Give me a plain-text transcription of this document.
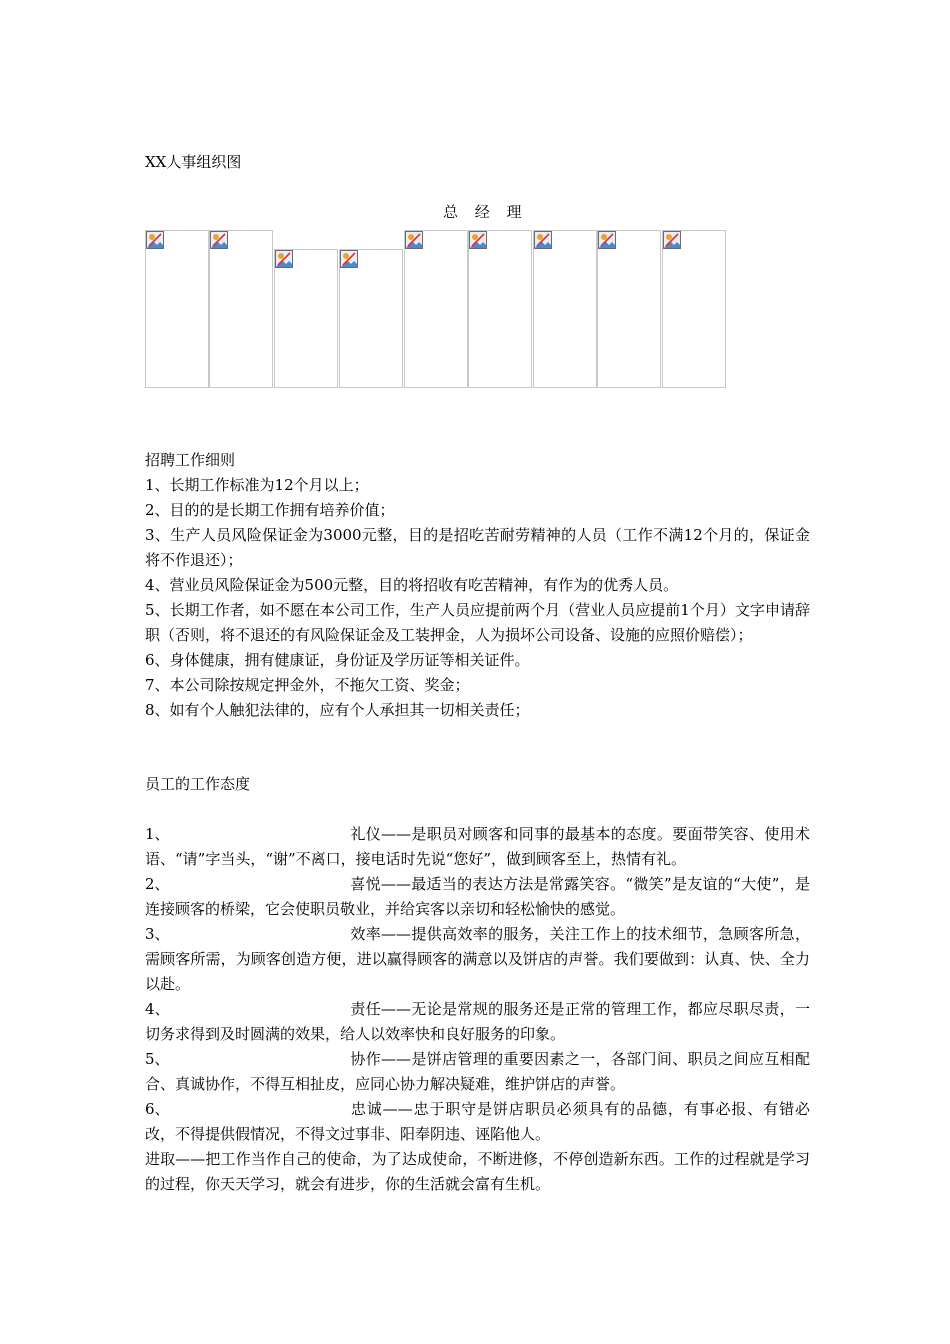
XX人事组织图
总 经 理

招聘工作细则

1、长期工作标准为12个月以上；

2、目的的是长期工作拥有培养价值；

3、生产人员风险保证金为3000元整，目的是招吃苦耐劳精神的人员（工作不满12个月的，保证金将不作退还）；

4、营业员风险保证金为500元整，目的将招收有吃苦精神，有作为的优秀人员。

5、长期工作者，如不愿在本公司工作，生产人员应提前两个月（营业人员应提前1个月）文字申请辞职（否则，将不退还的有风险保证金及工装押金，人为损坏公司设备、设施的应照价赔偿）；

6、身体健康，拥有健康证，身份证及学历证等相关证件。

7、本公司除按规定押金外，不拖欠工资、奖金；

8、如有个人触犯法律的，应有个人承担其一切相关责任；

员工的工作态度

1、	礼仪——是职员对顾客和同事的最基本的态度。要面带笑容、使用术语、“请”字当头，“谢”不离口，接电话时先说“您好”，做到顾客至上，热情有礼。

2、	喜悦——最适当的表达方法是常露笑容。“微笑”是友谊的“大使”，是连接顾客的桥梁，它会使职员敬业，并给宾客以亲切和轻松愉快的感觉。

3、	效率——提供高效率的服务，关注工作上的技术细节，急顾客所急，需顾客所需，为顾客创造方便，进以赢得顾客的满意以及饼店的声誉。我们要做到：认真、快、全力以赴。

4、	责任——无论是常规的服务还是正常的管理工作，都应尽职尽责，一切务求得到及时圆满的效果，给人以效率快和良好服务的印象。

5、	协作——是饼店管理的重要因素之一，各部门间、职员之间应互相配合、真诚协作，不得互相扯皮，应同心协力解决疑难，维护饼店的声誉。

6、	忠诚——忠于职守是饼店职员必须具有的品德，有事必报、有错必改，不得提供假情况，不得文过事非、阳奉阴违、诬陷他人。

进取——把工作当作自己的使命，为了达成使命，不断进修，不停创造新东西。工作的过程就是学习的过程，你天天学习，就会有进步，你的生活就会富有生机。
